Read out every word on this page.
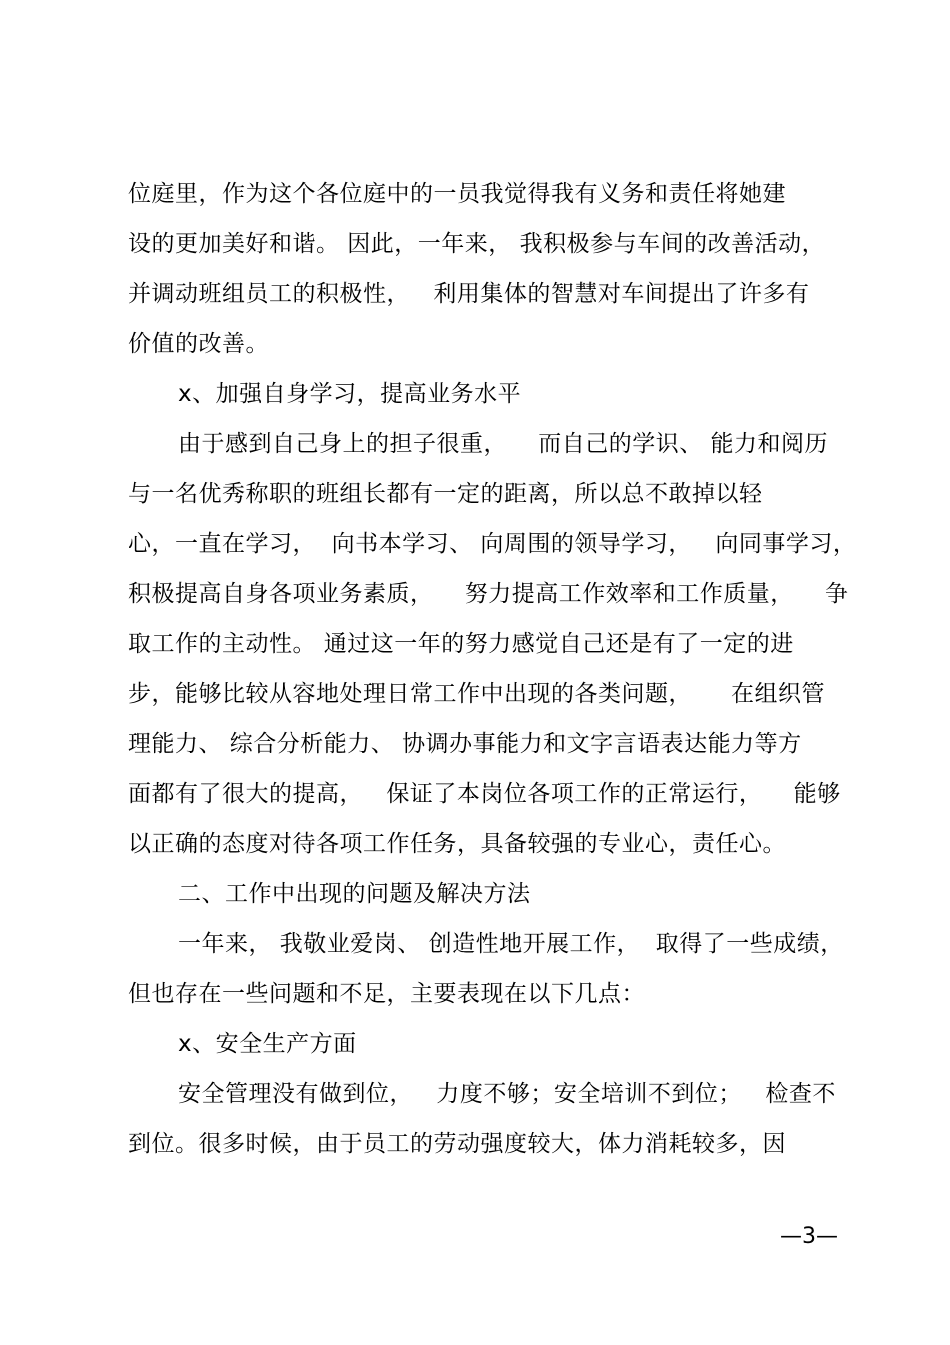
位庭里，作为这个各位庭中的一员我觉得我有义务和责任将她建
设的更加美好和谐。 因此，一年来， 我积极参与车间的改善活动，
并调动班组员工的积极性，   利用集体的智慧对车间提出了许多有
价值的改善。
x、加强自身学习，提高业务水平
由于感到自己身上的担子很重，    而自己的学识、 能力和阅历
与一名优秀称职的班组长都有一定的距离，所以总不敢掉以轻
心，一直在学习，  向书本学习、 向周围的领导学习，   向同事学习，
积极提高自身各项业务素质，    努力提高工作效率和工作质量，    争
取工作的主动性。 通过这一年的努力感觉自己还是有了一定的进
步，能够比较从容地处理日常工作中出现的各类问题，     在组织管
理能力、 综合分析能力、 协调办事能力和文字言语表达能力等方
面都有了很大的提高，   保证了本岗位各项工作的正常运行，    能够
以正确的态度对待各项工作任务，具备较强的专业心，责任心。
二、工作中出现的问题及解决方法
一年来， 我敬业爱岗、 创造性地开展工作，  取得了一些成绩，
但也存在一些问题和不足，主要表现在以下几点：
x、安全生产方面
安全管理没有做到位，   力度不够；安全培训不到位；   检查不
到位。很多时候，由于员工的劳动强度较大，体力消耗较多，因
—3—
